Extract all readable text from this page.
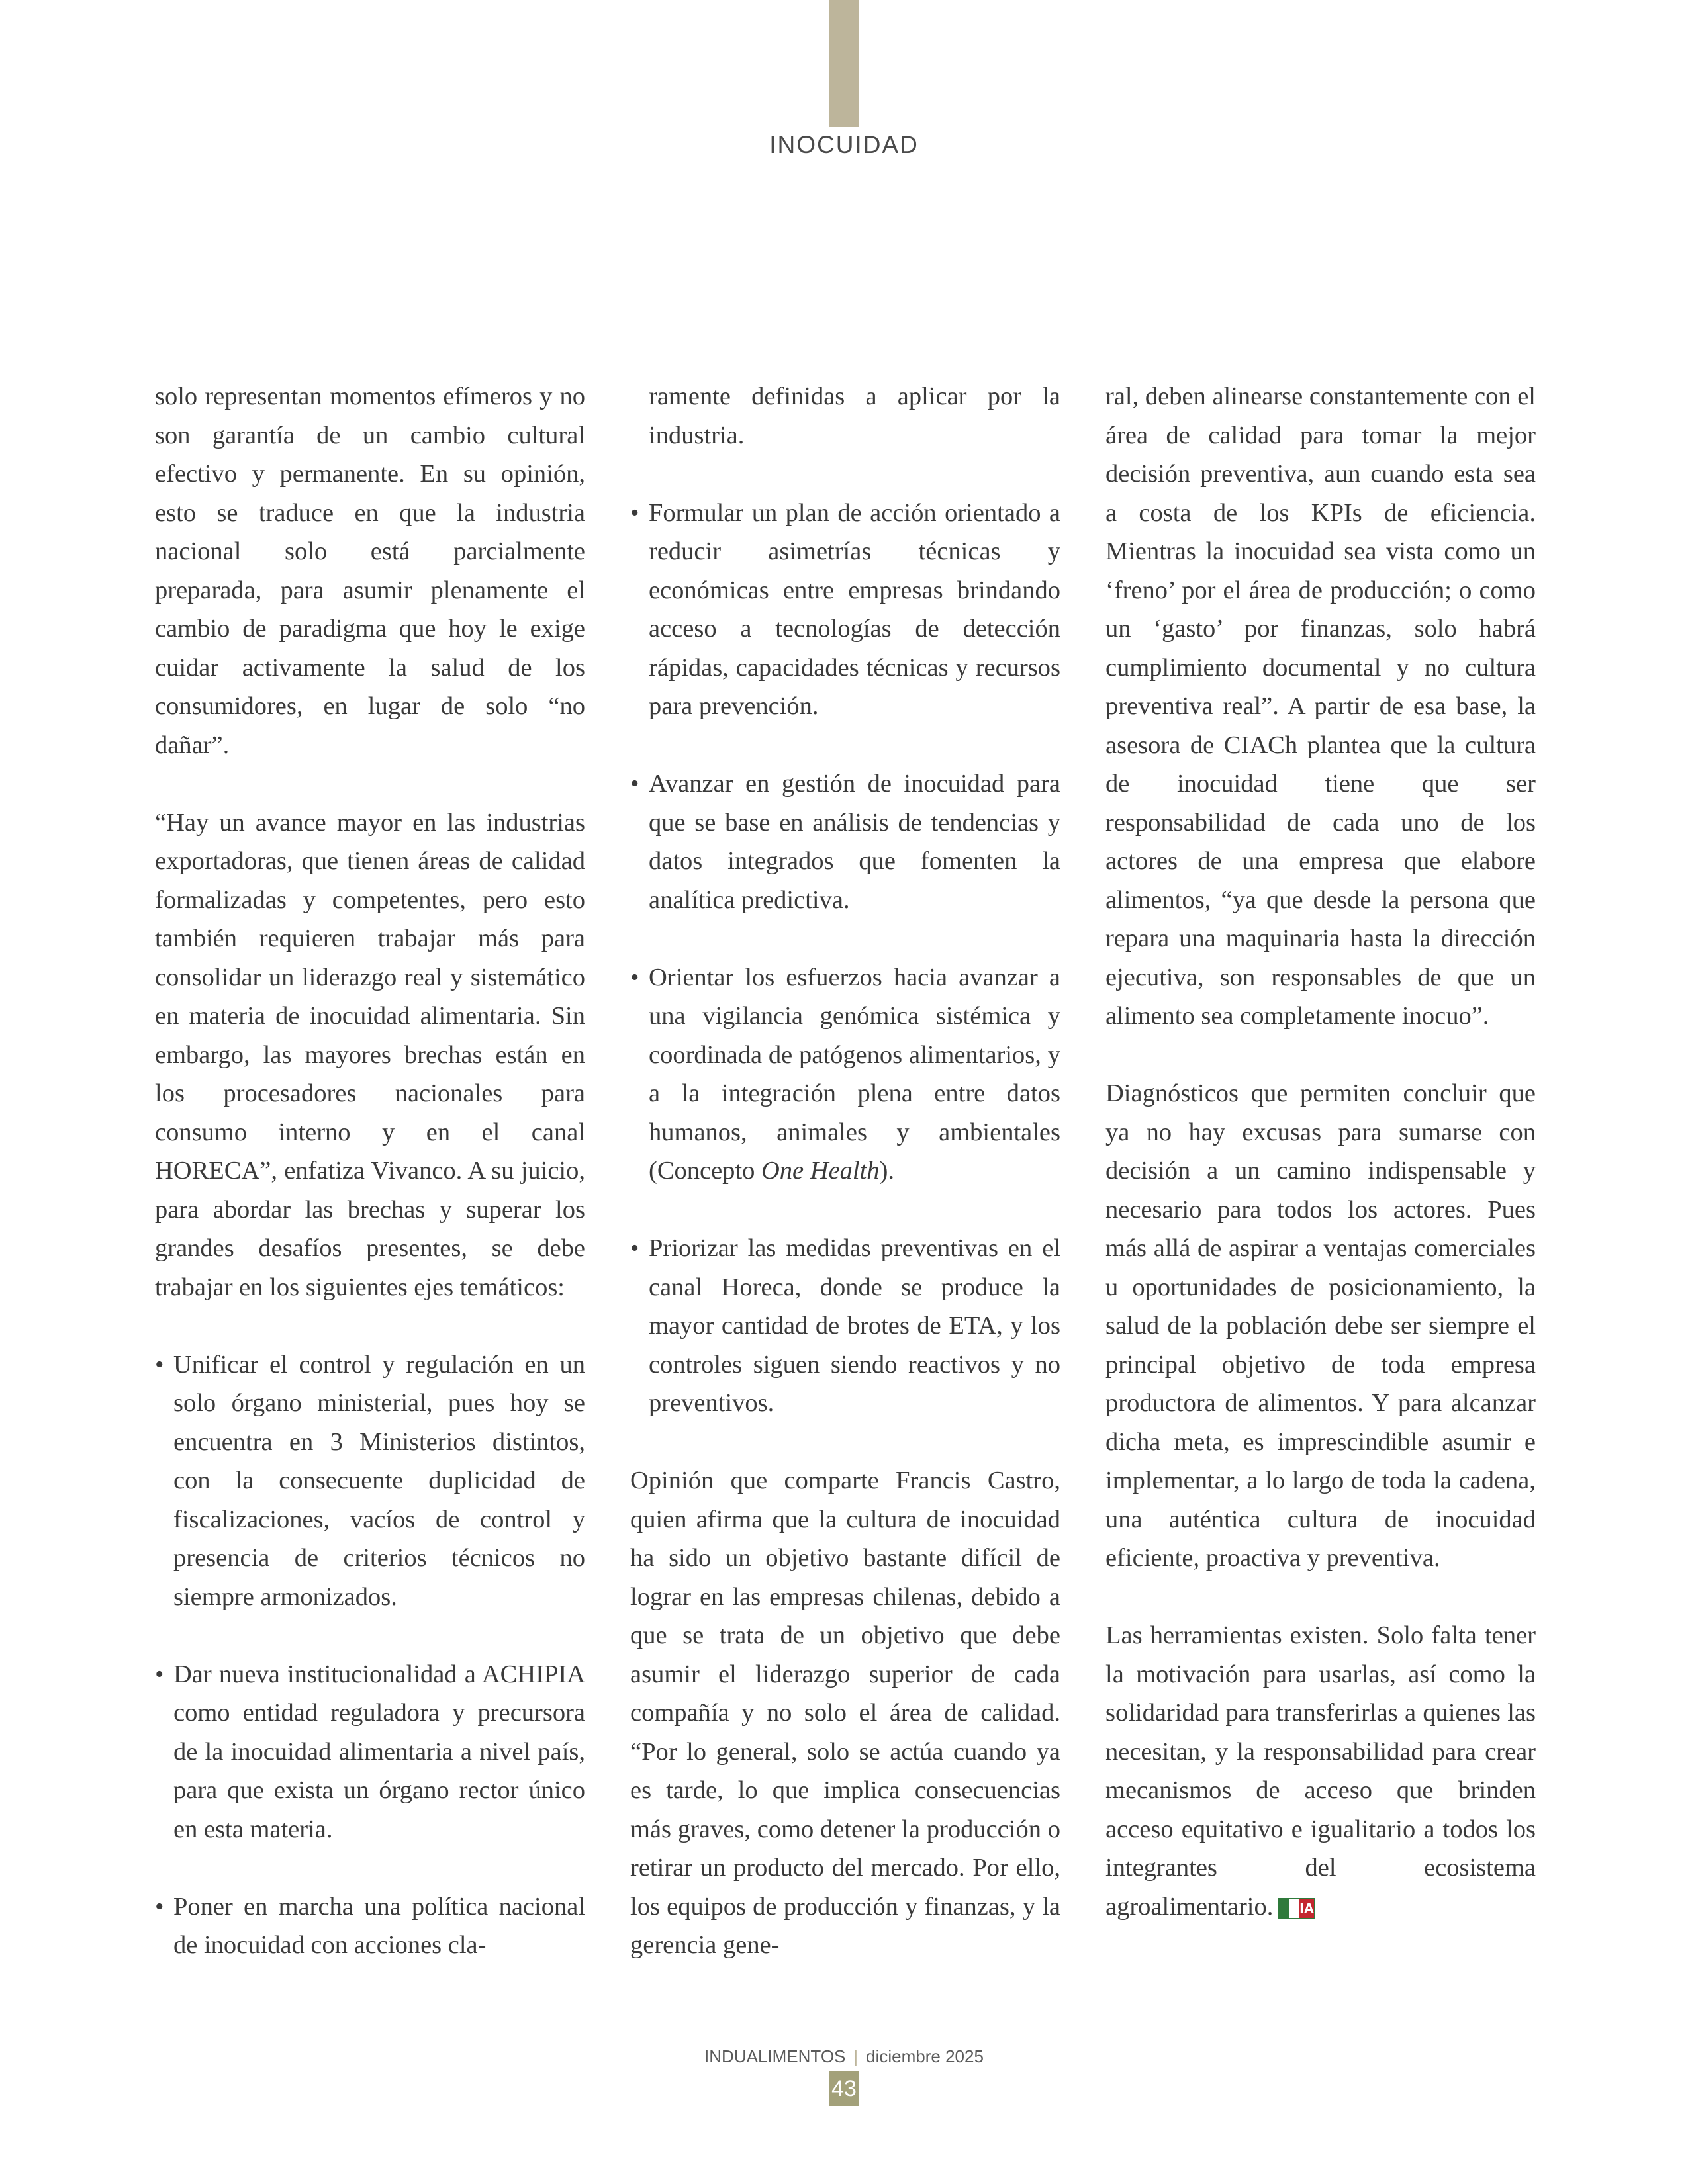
INOCUIDAD

solo representan momentos efímeros y no son garantía de un cambio cultural efectivo y permanente. En su opinión, esto se traduce en que la industria nacional solo está parcialmente preparada, para asumir plenamente el cambio de paradigma que hoy le exige cuidar activamente la salud de los consumidores, en lugar de solo “no dañar”.

“Hay un avance mayor en las industrias exportadoras, que tienen áreas de calidad formalizadas y competentes, pero esto también requieren trabajar más para consolidar un liderazgo real y sistemático en materia de inocuidad alimentaria. Sin embargo, las mayores brechas están en los procesadores nacionales para consumo interno y en el canal HORECA”, enfatiza Vivanco. A su juicio, para abordar las brechas y superar los grandes desafíos presentes, se debe trabajar en los siguientes ejes temáticos:

• Unificar el control y regulación en un solo órgano ministerial, pues hoy se encuentra en 3 Ministerios distintos, con la consecuente duplicidad de fiscalizaciones, vacíos de control y presencia de criterios técnicos no siempre armonizados.
• Dar nueva institucionalidad a ACHIPIA como entidad reguladora y precursora de la inocuidad alimentaria a nivel país, para que exista un órgano rector único en esta materia.
• Poner en marcha una política nacional de inocuidad con acciones cla-
ramente definidas a aplicar por la industria.
• Formular un plan de acción orientado a reducir asimetrías técnicas y económicas entre empresas brindando acceso a tecnologías de detección rápidas, capacidades técnicas y recursos para prevención.
• Avanzar en gestión de inocuidad para que se base en análisis de tendencias y datos integrados que fomenten la analítica predictiva.
• Orientar los esfuerzos hacia avanzar a una vigilancia genómica sistémica y coordinada de patógenos alimentarios, y a la integración plena entre datos humanos, animales y ambientales (Concepto One Health).
• Priorizar las medidas preventivas en el canal Horeca, donde se produce la mayor cantidad de brotes de ETA, y los controles siguen siendo reactivos y no preventivos.

Opinión que comparte Francis Castro, quien afirma que la cultura de inocuidad ha sido un objetivo bastante difícil de lograr en las empresas chilenas, debido a que se trata de un objetivo que debe asumir el liderazgo superior de cada compañía y no solo el área de calidad. “Por lo general, solo se actúa cuando ya es tarde, lo que implica consecuencias más graves, como detener la producción o retirar un producto del mercado. Por ello, los equipos de producción y finanzas, y la gerencia gene-

ral, deben alinearse constantemente con el área de calidad para tomar la mejor decisión preventiva, aun cuando esta sea a costa de los KPIs de eficiencia. Mientras la inocuidad sea vista como un ‘freno’ por el área de producción; o como un ‘gasto’ por finanzas, solo habrá cumplimiento documental y no cultura preventiva real”. A partir de esa base, la asesora de CIACh plantea que la cultura de inocuidad tiene que ser responsabilidad de cada uno de los actores de una empresa que elabore alimentos, “ya que desde la persona que repara una maquinaria hasta la dirección ejecutiva, son responsables de que un alimento sea completamente inocuo”.

Diagnósticos que permiten concluir que ya no hay excusas para sumarse con decisión a un camino indispensable y necesario para todos los actores. Pues más allá de aspirar a ventajas comerciales u oportunidades de posicionamiento, la salud de la población debe ser siempre el principal objetivo de toda empresa productora de alimentos. Y para alcanzar dicha meta, es imprescindible asumir e implementar, a lo largo de toda la cadena, una auténtica cultura de inocuidad eficiente, proactiva y preventiva.

Las herramientas existen. Solo falta tener la motivación para usarlas, así como la solidaridad para transferirlas a quienes las necesitan, y la responsabilidad para crear mecanismos de acceso que brinden acceso equitativo e igualitario a todos los integrantes del ecosistema agroalimentario. IA

INDUALIMENTOS | diciembre 2025
43
